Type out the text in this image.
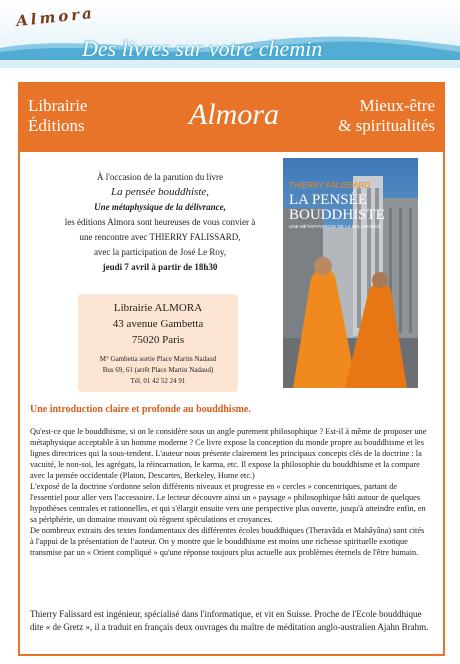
Almora
Des livres sur votre chemin
Librairie
Éditions	Almora	Mieux-être
& spiritualités
À l'occasion de la parution du livre
La pensée bouddhiste,
Une métaphysique de la délivrance,
les éditions Almora sont heureuses de vous convier à
une rencontre avec THIERRY FALISSARD,
avec la participation de José Le Roy,
jeudi 7 avril à partir de 18h30
Librairie ALMORA
43 avenue Gambetta
75020 Paris
M° Gambetta sortie Place Martin Nadaud
Bus 69, 61 (arrêt Place Martin Nadaud)
Tél. 01 42 52 24 91
THIERRY FALISSARD
LA PENSÉE
BOUDDHISTE
UNE MÉTAPHYSIQUE DE LA DÉLIVRANCE
Une introduction claire et profonde au bouddhisme.

Qu'est-ce que le bouddhisme, si on le considère sous un angle purement philosophique ? Est-il à même de proposer une métaphysique acceptable à un homme moderne ? Ce livre expose la conception du monde propre au bouddhisme et les lignes directrices qui la sous-tendent. L'auteur nous présente clairement les principaux concepts clés de la doctrine : la vacuité, le non-soi, les agrégats, la réincarnation, le karma, etc. Il expose la philosophie du bouddhisme et la compare avec la pensée occidentale (Platon, Descartes, Berkeley, Hume etc.)

L'exposé de la doctrine s'ordonne selon différents niveaux et progresse en « cercles » concentriques, partant de l'essentiel pour aller vers l'accessoire. Le lecteur découvre ainsi un « paysage » philosophique bâti autour de quelques hypothèses centrales et rationnelles, et qui s'élargit ensuite vers une perspective plus ouverte, jusqu'à atteindre enfin, en sa périphérie, un domaine mouvant où règnent spéculations et croyances.

De nombreux extraits des textes fondamentaux des différentes écoles bouddhiques (Theravâda et Mahâyâna) sont cités à l'appui de la présentation de l'auteur. On y montre que le bouddhisme est moins une richesse spirituelle exotique transmise par un « Orient compliqué » qu'une réponse toujours plus actuelle aux problèmes éternels de l'être humain.

Thierry Falissard est ingénieur, spécialisé dans l'informatique, et vit en Suisse. Proche de l'Ecole bouddhique dite « de Gretz », il a traduit en français deux ouvrages du maître de méditation anglo-australien Ajahn Brahm.
